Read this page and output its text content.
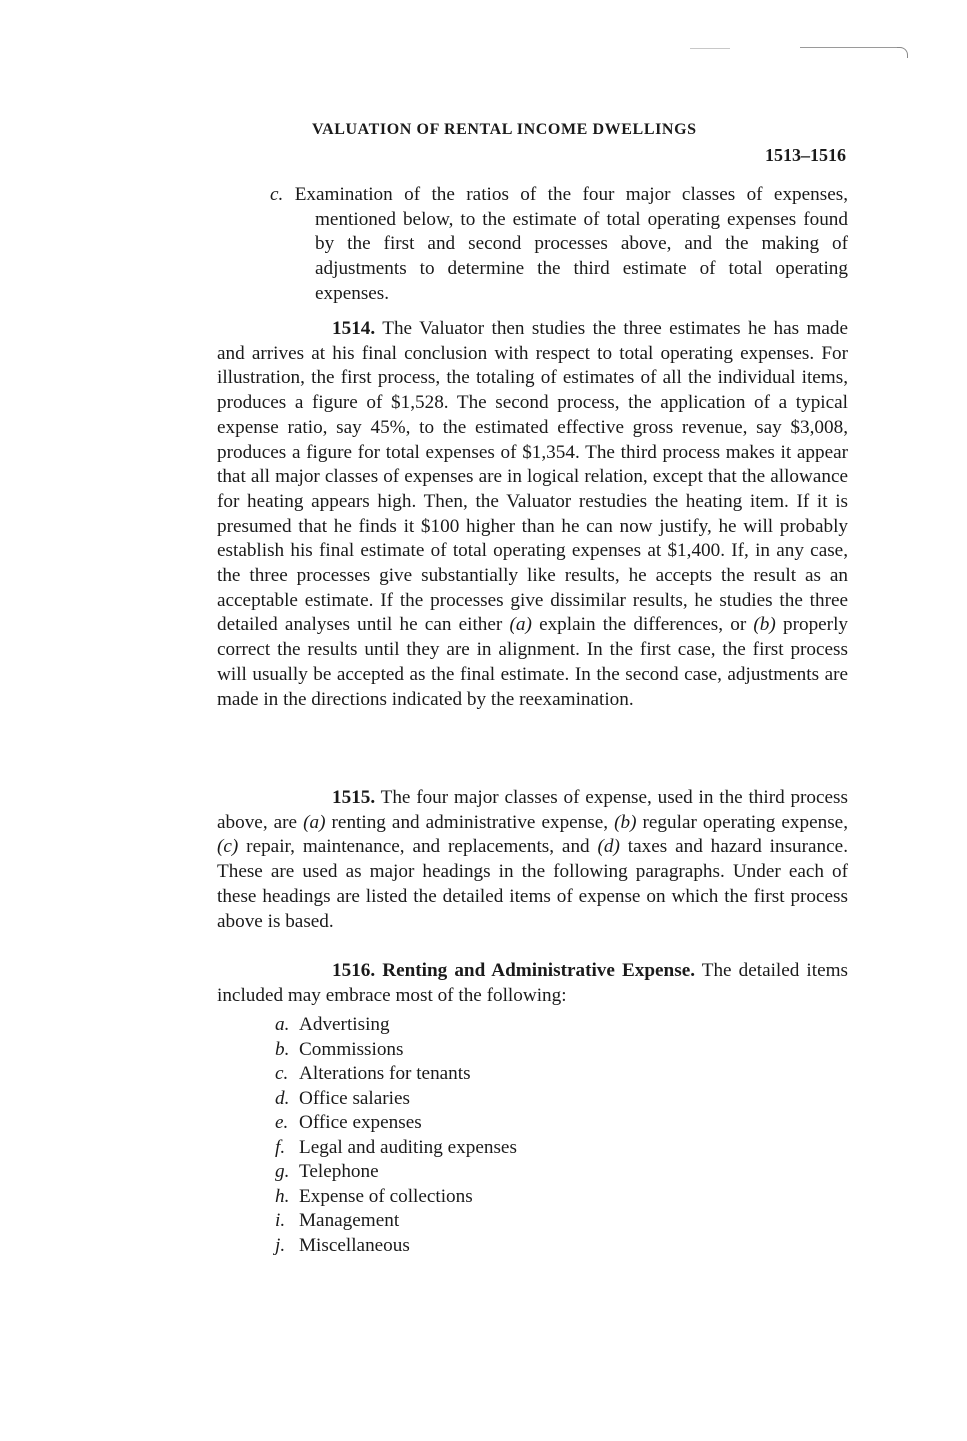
VALUATION OF RENTAL INCOME DWELLINGS
1513–1516
c. Examination of the ratios of the four major classes of expenses, mentioned below, to the estimate of total operating expenses found by the first and second processes above, and the making of adjustments to determine the third estimate of total operating expenses.
1514. The Valuator then studies the three estimates he has made and arrives at his final conclusion with respect to total operating expenses. For illustration, the first process, the totaling of estimates of all the individual items, produces a figure of $1,528. The second process, the application of a typical expense ratio, say 45%, to the estimated effective gross revenue, say $3,008, produces a figure for total expenses of $1,354. The third process makes it appear that all major classes of expenses are in logical relation, except that the allowance for heating appears high. Then, the Valuator restudies the heating item. If it is presumed that he finds it $100 higher than he can now justify, he will probably establish his final estimate of total operating expenses at $1,400. If, in any case, the three processes give substantially like results, he accepts the result as an acceptable estimate. If the processes give dissimilar results, he studies the three detailed analyses until he can either (a) explain the differences, or (b) properly correct the results until they are in alignment. In the first case, the first process will usually be accepted as the final estimate. In the second case, adjustments are made in the directions indicated by the reexamination.
1515. The four major classes of expense, used in the third process above, are (a) renting and administrative expense, (b) regular operating expense, (c) repair, maintenance, and replacements, and (d) taxes and hazard insurance. These are used as major headings in the following paragraphs. Under each of these headings are listed the detailed items of expense on which the first process above is based.
1516. Renting and Administrative Expense. The detailed items included may embrace most of the following:
a. Advertising
b. Commissions
c. Alterations for tenants
d. Office salaries
e. Office expenses
f. Legal and auditing expenses
g. Telephone
h. Expense of collections
i. Management
j. Miscellaneous
